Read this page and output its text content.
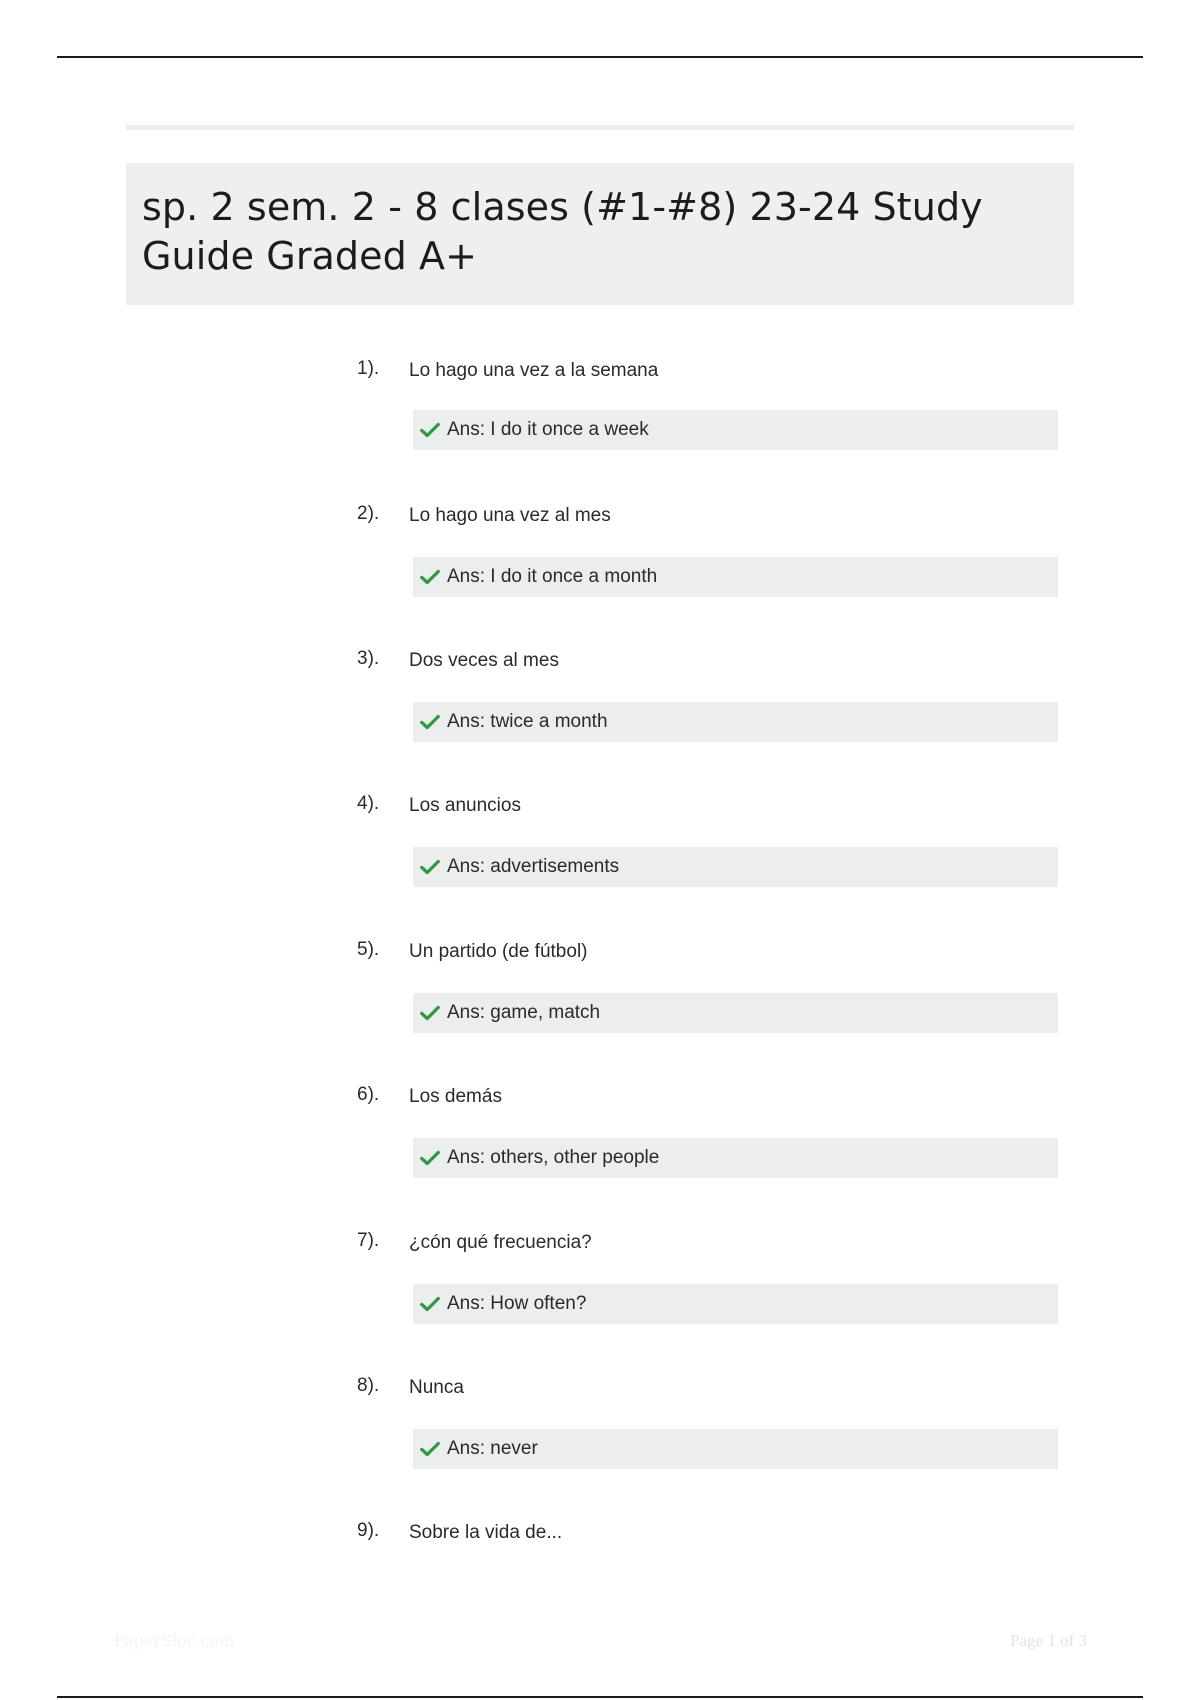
sp. 2 sem. 2 - 8 clases (#1-#8) 23-24 Study Guide Graded A+
1). Lo hago una vez a la semana
Ans: I do it once a week
2). Lo hago una vez al mes
Ans: I do it once a month
3). Dos veces al mes
Ans: twice a month
4). Los anuncios
Ans: advertisements
5). Un partido (de fútbol)
Ans: game, match
6). Los demás
Ans: others, other people
7). ¿cón qué frecuencia?
Ans: How often?
8). Nunca
Ans: never
9). Sobre la vida de...
PaperSloc.com	Page 1 of 3
